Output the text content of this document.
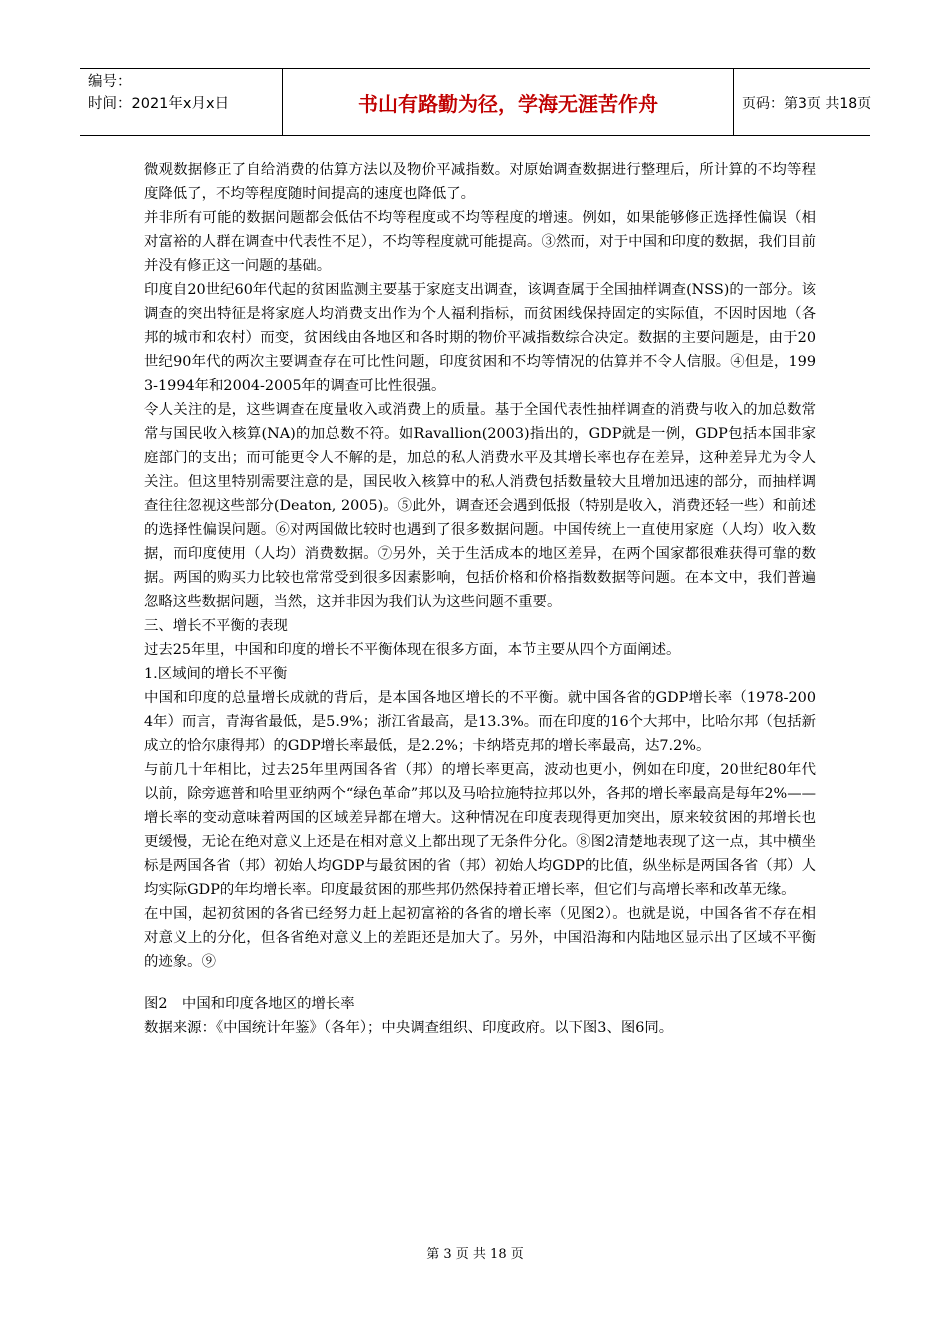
编号：
时间：2021年x月x日	书山有路勤为径，学海无涯苦作舟	页码：第3页 共18页

微观数据修正了自给消费的估算方法以及物价平减指数。对原始调查数据进行整理后，所计算的不均等程度降低了，不均等程度随时间提高的速度也降低了。

并非所有可能的数据问题都会低估不均等程度或不均等程度的增速。例如，如果能够修正选择性偏误（相对富裕的人群在调查中代表性不足），不均等程度就可能提高。③然而，对于中国和印度的数据，我们目前并没有修正这一问题的基础。

印度自20世纪60年代起的贫困监测主要基于家庭支出调查，该调查属于全国抽样调查(NSS)的一部分。该调查的突出特征是将家庭人均消费支出作为个人福利指标，而贫困线保持固定的实际值，不因时因地（各邦的城市和农村）而变，贫困线由各地区和各时期的物价平减指数综合决定。数据的主要问题是，由于20世纪90年代的两次主要调查存在可比性问题，印度贫困和不均等情况的估算并不令人信服。④但是，1993-1994年和2004-2005年的调查可比性很强。

令人关注的是，这些调查在度量收入或消费上的质量。基于全国代表性抽样调查的消费与收入的加总数常常与国民收入核算(NA)的加总数不符。如Ravallion(2003)指出的，GDP就是一例，GDP包括本国非家庭部门的支出；而可能更令人不解的是，加总的私人消费水平及其增长率也存在差异，这种差异尤为令人关注。但这里特别需要注意的是，国民收入核算中的私人消费包括数量较大且增加迅速的部分，而抽样调查往往忽视这些部分(Deaton, 2005)。⑤此外，调查还会遇到低报（特别是收入，消费还轻一些）和前述的选择性偏误问题。⑥对两国做比较时也遇到了很多数据问题。中国传统上一直使用家庭（人均）收入数据，而印度使用（人均）消费数据。⑦另外，关于生活成本的地区差异，在两个国家都很难获得可靠的数据。两国的购买力比较也常常受到很多因素影响，包括价格和价格指数数据等问题。在本文中，我们普遍忽略这些数据问题，当然，这并非因为我们认为这些问题不重要。

三、增长不平衡的表现

过去25年里，中国和印度的增长不平衡体现在很多方面，本节主要从四个方面阐述。

1.区域间的增长不平衡

中国和印度的总量增长成就的背后，是本国各地区增长的不平衡。就中国各省的GDP增长率（1978-2004年）而言，青海省最低，是5.9%；浙江省最高，是13.3%。而在印度的16个大邦中，比哈尔邦（包括新成立的恰尔康得邦）的GDP增长率最低，是2.2%；卡纳塔克邦的增长率最高，达7.2%。

与前几十年相比，过去25年里两国各省（邦）的增长率更高，波动也更小，例如在印度，20世纪80年代以前，除旁遮普和哈里亚纳两个“绿色革命”邦以及马哈拉施特拉邦以外，各邦的增长率最高是每年2%——增长率的变动意味着两国的区域差异都在增大。这种情况在印度表现得更加突出，原来较贫困的邦增长也更缓慢，无论在绝对意义上还是在相对意义上都出现了无条件分化。⑧图2清楚地表现了这一点，其中横坐标是两国各省（邦）初始人均GDP与最贫困的省（邦）初始人均GDP的比值，纵坐标是两国各省（邦）人均实际GDP的年均增长率。印度最贫困的那些邦仍然保持着正增长率，但它们与高增长率和改革无缘。

在中国，起初贫困的各省已经努力赶上起初富裕的各省的增长率（见图2）。也就是说，中国各省不存在相对意义上的分化，但各省绝对意义上的差距还是加大了。另外，中国沿海和内陆地区显示出了区域不平衡的迹象。⑨

图2　中国和印度各地区的增长率

数据来源：《中国统计年鉴》（各年）；中央调查组织、印度政府。以下图3、图6同。

第 3 页 共 18 页
